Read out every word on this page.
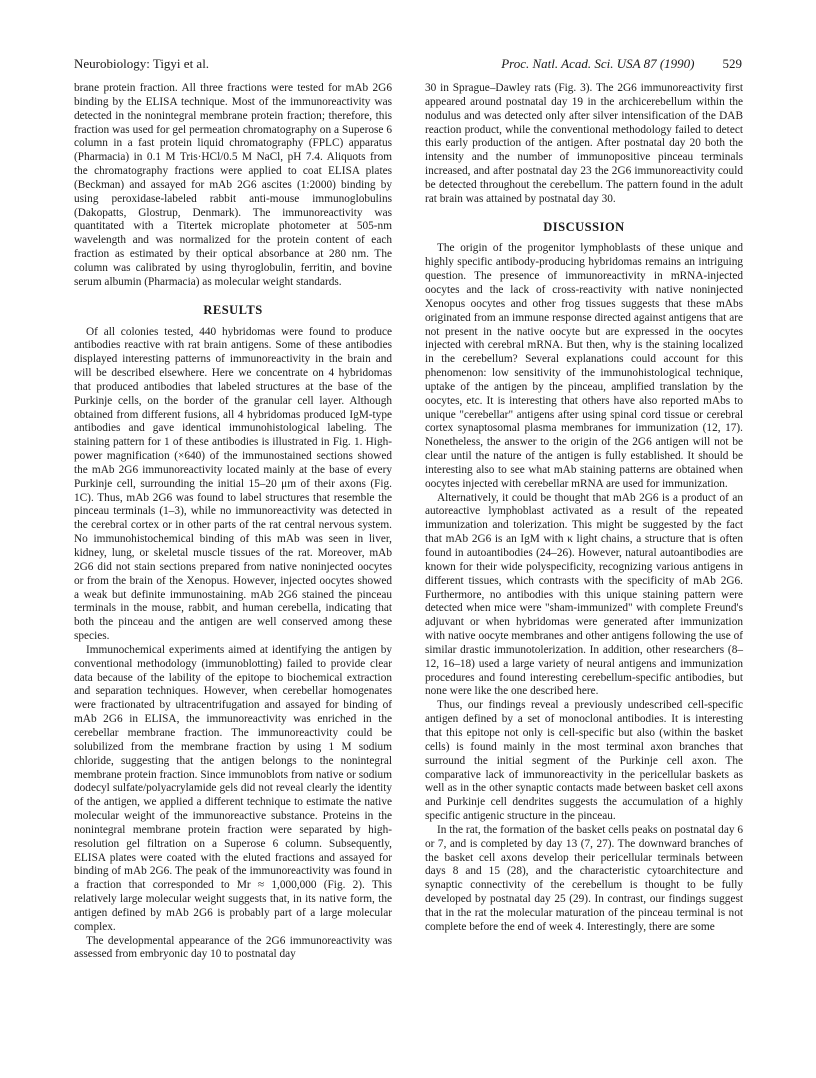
Neurobiology: Tigyi et al.	Proc. Natl. Acad. Sci. USA 87 (1990) 529

brane protein fraction. All three fractions were tested for mAb 2G6 binding by the ELISA technique. Most of the immunoreactivity was detected in the nonintegral membrane protein fraction; therefore, this fraction was used for gel permeation chromatography on a Superose 6 column in a fast protein liquid chromatography (FPLC) apparatus (Pharmacia) in 0.1 M Tris·HCl/0.5 M NaCl, pH 7.4. Aliquots from the chromatography fractions were applied to coat ELISA plates (Beckman) and assayed for mAb 2G6 ascites (1:2000) binding by using peroxidase-labeled rabbit anti-mouse immunoglobulins (Dakopatts, Glostrup, Denmark). The immunoreactivity was quantitated with a Titertek microplate photometer at 505-nm wavelength and was normalized for the protein content of each fraction as estimated by their optical absorbance at 280 nm. The column was calibrated by using thyroglobulin, ferritin, and bovine serum albumin (Pharmacia) as molecular weight standards.

RESULTS

Of all colonies tested, 440 hybridomas were found to produce antibodies reactive with rat brain antigens. Some of these antibodies displayed interesting patterns of immunoreactivity in the brain and will be described elsewhere. Here we concentrate on 4 hybridomas that produced antibodies that labeled structures at the base of the Purkinje cells, on the border of the granular cell layer. Although obtained from different fusions, all 4 hybridomas produced IgM-type antibodies and gave identical immunohistological labeling. The staining pattern for 1 of these antibodies is illustrated in Fig. 1. High-power magnification (×640) of the immunostained sections showed the mAb 2G6 immunoreactivity located mainly at the base of every Purkinje cell, surrounding the initial 15–20 μm of their axons (Fig. 1C). Thus, mAb 2G6 was found to label structures that resemble the pinceau terminals (1–3), while no immunoreactivity was detected in the cerebral cortex or in other parts of the rat central nervous system. No immunohistochemical binding of this mAb was seen in liver, kidney, lung, or skeletal muscle tissues of the rat. Moreover, mAb 2G6 did not stain sections prepared from native noninjected oocytes or from the brain of the Xenopus. However, injected oocytes showed a weak but definite immunostaining. mAb 2G6 stained the pinceau terminals in the mouse, rabbit, and human cerebella, indicating that both the pinceau and the antigen are well conserved among these species.

Immunochemical experiments aimed at identifying the antigen by conventional methodology (immunoblotting) failed to provide clear data because of the lability of the epitope to biochemical extraction and separation techniques. However, when cerebellar homogenates were fractionated by ultracentrifugation and assayed for binding of mAb 2G6 in ELISA, the immunoreactivity was enriched in the cerebellar membrane fraction. The immunoreactivity could be solubilized from the membrane fraction by using 1 M sodium chloride, suggesting that the antigen belongs to the nonintegral membrane protein fraction. Since immunoblots from native or sodium dodecyl sulfate/polyacrylamide gels did not reveal clearly the identity of the antigen, we applied a different technique to estimate the native molecular weight of the immunoreactive substance. Proteins in the nonintegral membrane protein fraction were separated by high-resolution gel filtration on a Superose 6 column. Subsequently, ELISA plates were coated with the eluted fractions and assayed for binding of mAb 2G6. The peak of the immunoreactivity was found in a fraction that corresponded to Mr ≈ 1,000,000 (Fig. 2). This relatively large molecular weight suggests that, in its native form, the antigen defined by mAb 2G6 is probably part of a large molecular complex.

The developmental appearance of the 2G6 immunoreactivity was assessed from embryonic day 10 to postnatal day

30 in Sprague–Dawley rats (Fig. 3). The 2G6 immunoreactivity first appeared around postnatal day 19 in the archicerebellum within the nodulus and was detected only after silver intensification of the DAB reaction product, while the conventional methodology failed to detect this early production of the antigen. After postnatal day 20 both the intensity and the number of immunopositive pinceau terminals increased, and after postnatal day 23 the 2G6 immunoreactivity could be detected throughout the cerebellum. The pattern found in the adult rat brain was attained by postnatal day 30.

DISCUSSION

The origin of the progenitor lymphoblasts of these unique and highly specific antibody-producing hybridomas remains an intriguing question. The presence of immunoreactivity in mRNA-injected oocytes and the lack of cross-reactivity with native noninjected Xenopus oocytes and other frog tissues suggests that these mAbs originated from an immune response directed against antigens that are not present in the native oocyte but are expressed in the oocytes injected with cerebral mRNA. But then, why is the staining localized in the cerebellum? Several explanations could account for this phenomenon: low sensitivity of the immunohistological technique, uptake of the antigen by the pinceau, amplified translation by the oocytes, etc. It is interesting that others have also reported mAbs to unique "cerebellar" antigens after using spinal cord tissue or cerebral cortex synaptosomal plasma membranes for immunization (12, 17). Nonetheless, the answer to the origin of the 2G6 antigen will not be clear until the nature of the antigen is fully established. It should be interesting also to see what mAb staining patterns are obtained when oocytes injected with cerebellar mRNA are used for immunization.

Alternatively, it could be thought that mAb 2G6 is a product of an autoreactive lymphoblast activated as a result of the repeated immunization and tolerization. This might be suggested by the fact that mAb 2G6 is an IgM with κ light chains, a structure that is often found in autoantibodies (24–26). However, natural autoantibodies are known for their wide polyspecificity, recognizing various antigens in different tissues, which contrasts with the specificity of mAb 2G6. Furthermore, no antibodies with this unique staining pattern were detected when mice were "sham-immunized" with complete Freund's adjuvant or when hybridomas were generated after immunization with native oocyte membranes and other antigens following the use of similar drastic immunotolerization. In addition, other researchers (8–12, 16–18) used a large variety of neural antigens and immunization procedures and found interesting cerebellum-specific antibodies, but none were like the one described here.

Thus, our findings reveal a previously undescribed cell-specific antigen defined by a set of monoclonal antibodies. It is interesting that this epitope not only is cell-specific but also (within the basket cells) is found mainly in the most terminal axon branches that surround the initial segment of the Purkinje cell axon. The comparative lack of immunoreactivity in the pericellular baskets as well as in the other synaptic contacts made between basket cell axons and Purkinje cell dendrites suggests the accumulation of a highly specific antigenic structure in the pinceau.

In the rat, the formation of the basket cells peaks on postnatal day 6 or 7, and is completed by day 13 (7, 27). The downward branches of the basket cell axons develop their pericellular terminals between days 8 and 15 (28), and the characteristic cytoarchitecture and synaptic connectivity of the cerebellum is thought to be fully developed by postnatal day 25 (29). In contrast, our findings suggest that in the rat the molecular maturation of the pinceau terminal is not complete before the end of week 4. Interestingly, there are some
